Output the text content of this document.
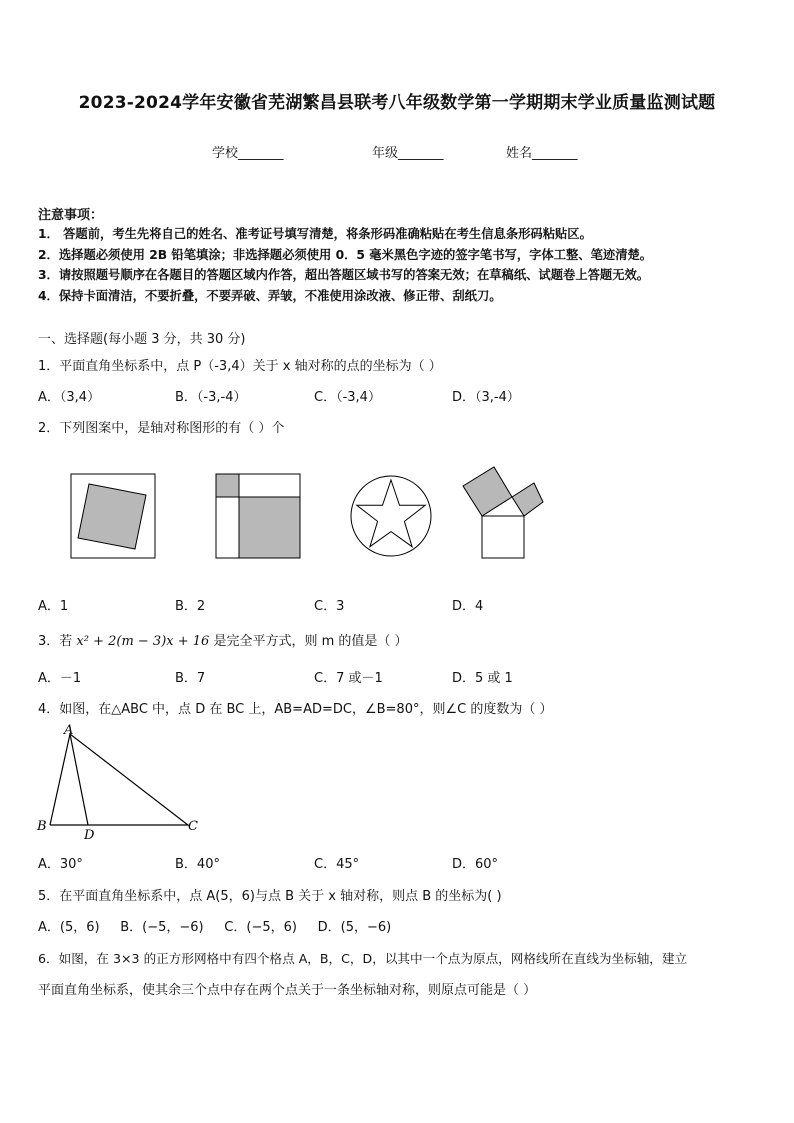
2023-2024学年安徽省芜湖繁昌县联考八年级数学第一学期期末学业质量监测试题
学校_______	年级_______	姓名_______
注意事项：
1． 答题前，考生先将自己的姓名、准考证号填写清楚，将条形码准确粘贴在考生信息条形码粘贴区。
2．选择题必须使用 2B 铅笔填涂；非选择题必须使用 0．5 毫米黑色字迹的签字笔书写，字体工整、笔迹清楚。
3．请按照题号顺序在各题目的答题区域内作答，超出答题区域书写的答案无效；在草稿纸、试题卷上答题无效。
4．保持卡面清洁，不要折叠，不要弄破、弄皱，不准使用涂改液、修正带、刮纸刀。
一、选择题(每小题 3 分，共 30 分)
1．平面直角坐标系中，点 P（-3,4）关于 x 轴对称的点的坐标为（ ）
A．（3,4）	B．（-3,-4）	C．（-3,4）	D．（3,-4）
2．下列图案中，是轴对称图形的有（ ）个
A．1	B．2	C．3	D．4
3．若 x² + 2(m − 3)x + 16 是完全平方式，则 m 的值是（ ）
A．－1	B．7	C．7 或－1	D．5 或 1
4．如图，在△ABC 中，点 D 在 BC 上，AB=AD=DC，∠B=80°，则∠C 的度数为（ ）
A
B
D
C
A．30°	B．40°	C．45°	D．60°
5．在平面直角坐标系中，点 A(5，6)与点 B 关于 x 轴对称，则点 B 的坐标为( )
A．(5，6)     B．(−5，−6)     C．(−5，6)     D．(5，−6)
6．如图，在 3×3 的正方形网格中有四个格点 A，B，C，D，以其中一个点为原点，网格线所在直线为坐标轴，建立
平面直角坐标系，使其余三个点中存在两个点关于一条坐标轴对称，则原点可能是（ ）
